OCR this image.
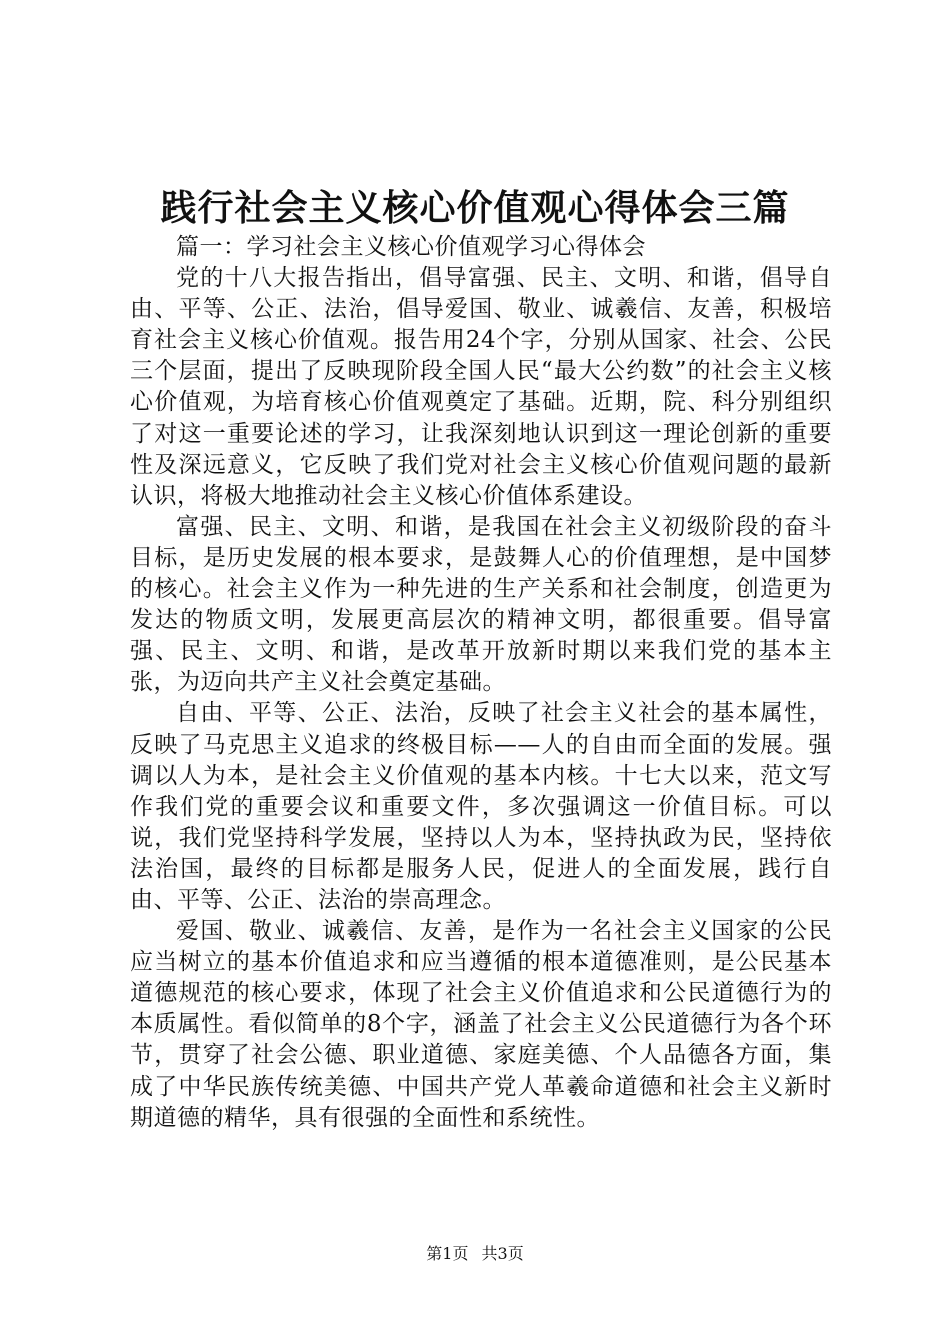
践行社会主义核心价值观心得体会三篇

篇一：学习社会主义核心价值观学习心得体会

党的十八大报告指出，倡导富强、民主、文明、和谐，倡导自由、平等、公正、法治，倡导爱国、敬业、诚羲信、友善，积极培育社会主义核心价值观。报告用24个字，分别从国家、社会、公民三个层面，提出了反映现阶段全国人民“最大公约数”的社会主义核心价值观，为培育核心价值观奠定了基础。近期，院、科分别组织了对这一重要论述的学习，让我深刻地认识到这一理论创新的重要性及深远意义，它反映了我们党对社会主义核心价值观问题的最新认识，将极大地推动社会主义核心价值体系建设。

富强、民主、文明、和谐，是我国在社会主义初级阶段的奋斗目标，是历史发展的根本要求，是鼓舞人心的价值理想，是中国梦的核心。社会主义作为一种先进的生产关系和社会制度，创造更为发达的物质文明，发展更高层次的精神文明，都很重要。倡导富强、民主、文明、和谐，是改革开放新时期以来我们党的基本主张，为迈向共产主义社会奠定基础。

自由、平等、公正、法治，反映了社会主义社会的基本属性，反映了马克思主义追求的终极目标——人的自由而全面的发展。强调以人为本，是社会主义价值观的基本内核。十七大以来，范文写作我们党的重要会议和重要文件，多次强调这一价值目标。可以说，我们党坚持科学发展，坚持以人为本，坚持执政为民，坚持依法治国，最终的目标都是服务人民，促进人的全面发展，践行自由、平等、公正、法治的崇高理念。

爱国、敬业、诚羲信、友善，是作为一名社会主义国家的公民应当树立的基本价值追求和应当遵循的根本道德准则，是公民基本道德规范的核心要求，体现了社会主义价值追求和公民道德行为的本质属性。看似简单的8个字，涵盖了社会主义公民道德行为各个环节，贯穿了社会公德、职业道德、家庭美德、个人品德各方面，集成了中华民族传统美德、中国共产党人革羲命道德和社会主义新时期道德的精华，具有很强的全面性和系统性。

第1页 共3页
